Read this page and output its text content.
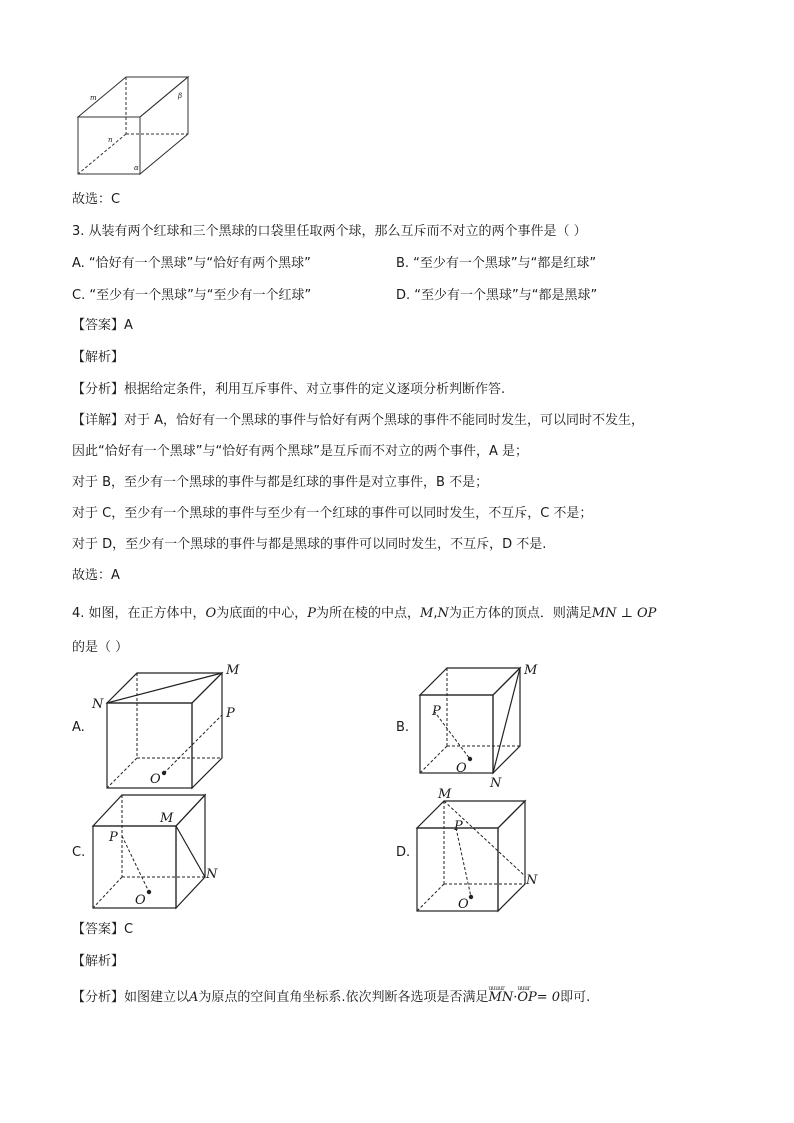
m	β
n
α
故选：C
3. 从装有两个红球和三个黑球的口袋里任取两个球，那么互斥而不对立的两个事件是（ ）
A. “恰好有一个黑球”与“恰好有两个黑球”	B. “至少有一个黑球”与“都是红球”
C. “至少有一个黑球”与“至少有一个红球”	D. “至少有一个黑球”与“都是黑球”
【答案】A
【解析】
【分析】根据给定条件，利用互斥事件、对立事件的定义逐项分析判断作答.
【详解】对于 A，恰好有一个黑球的事件与恰好有两个黑球的事件不能同时发生，可以同时不发生，
因此“恰好有一个黑球”与“恰好有两个黑球”是互斥而不对立的两个事件，A 是；
对于 B，至少有一个黑球的事件与都是红球的事件是对立事件，B 不是；
对于 C，至少有一个黑球的事件与至少有一个红球的事件可以同时发生，不互斥，C 不是；
对于 D，至少有一个黑球的事件与都是黑球的事件可以同时发生，不互斥，D 不是.
故选：A
4. 如图，在正方体中，O为底面的中心，P为所在棱的中点，M,N为正方体的顶点．则满足MN ⊥ OP
的是（ ）
A.
M
N
P
O
B.
M
N
P
O
C.
M
N
P
O
D.
M
N
P
O
【答案】C
【解析】
【分析】如图建立以A为原点的空间直角坐标系.依次判断各选项是否满足uuuur MN·uuur OP= 0即可.
